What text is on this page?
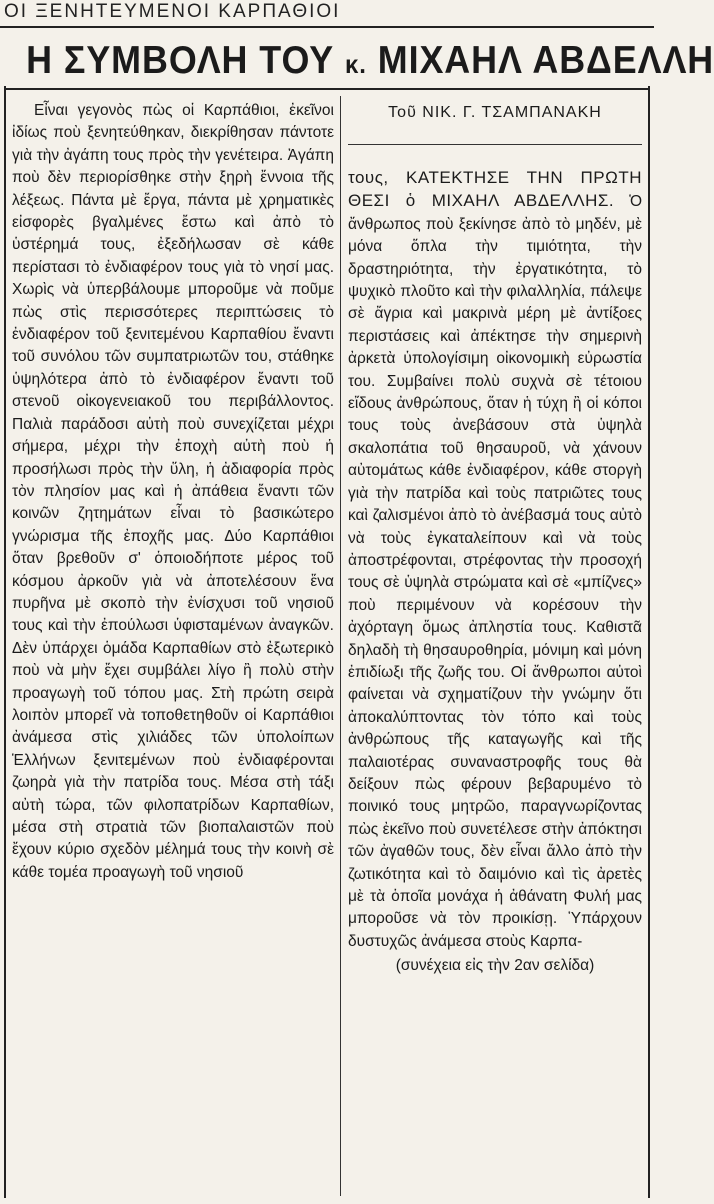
ΟΙ ΞΕΝΗΤΕΥΜΕΝΟΙ ΚΑΡΠΑΘΙΟΙ
Η ΣΥΜΒΟΛΗ ΤΟΥ κ. ΜΙΧΑΗΛ ΑΒΔΕΛΛΗ

Εἶναι γεγονὸς πὼς οἱ Καρπάθιοι, ἐκεῖνοι ἰδίως ποὺ ξενητεύθηκαν, διεκρίθησαν πάντοτε γιὰ τὴν ἀγάπη τους πρὸς τὴν γενέτειρα. Ἀγάπη ποὺ δὲν περιορίσθηκε στὴν ξηρὴ ἔννοια τῆς λέξεως. Πάντα μὲ ἔργα, πάντα μὲ χρηματικὲς εἰσφορὲς βγαλμένες ἔστω καὶ ἀπὸ τὸ ὑστέρημά τους, ἐξεδήλωσαν σὲ κάθε περίστασι τὸ ἐνδιαφέρον τους γιὰ τὸ νησί μας. Χωρὶς νὰ ὑπερβάλουμε μποροῦμε νὰ ποῦμε πὼς στὶς περισσότερες περιπτώσεις τὸ ἐνδιαφέρον τοῦ ξενιτεμένου Καρπαθίου ἔναντι τοῦ συνόλου τῶν συμπατριωτῶν του, στάθηκε ὑψηλότερα ἀπὸ τὸ ἐνδιαφέρον ἔναντι τοῦ στενοῦ οἰκογενειακοῦ του περιβάλλοντος. Παλιὰ παράδοσι αὐτὴ ποὺ συνεχίζεται μέχρι σήμερα, μέχρι τὴν ἐποχὴ αὐτὴ ποὺ ἡ προσήλωσι πρὸς τὴν ὕλη, ἡ ἀδιαφορία πρὸς τὸν πλησίον μας καὶ ἡ ἀπάθεια ἔναντι τῶν κοινῶν ζητημάτων εἶναι τὸ βασικώτερο γνώρισμα τῆς ἐποχῆς μας. Δύο Καρπάθιοι ὅταν βρεθοῦν σ' ὁποιοδήποτε μέρος τοῦ κόσμου ἀρκοῦν γιὰ νὰ ἀποτελέσουν ἕνα πυρῆνα μὲ σκοπὸ τὴν ἐνίσχυσι τοῦ νησιοῦ τους καὶ τὴν ἐπούλωσι ὑφισταμένων ἀναγκῶν. Δὲν ὑπάρχει ὁμάδα Καρπαθίων στὸ ἐξωτερικὸ ποὺ νὰ μὴν ἔχει συμβάλει λίγο ἢ πολὺ στὴν προαγωγὴ τοῦ τόπου μας. Στὴ πρώτη σειρὰ λοιπὸν μπορεῖ νὰ τοποθετηθοῦν οἱ Καρπάθιοι ἀνάμεσα στὶς χιλιάδες τῶν ὑπολοίπων Ἑλλήνων ξενιτεμένων ποὺ ἐνδιαφέρονται ζωηρὰ γιὰ τὴν πατρίδα τους. Μέσα στὴ τάξι αὐτὴ τώρα, τῶν φιλοπατρίδων Καρπαθίων, μέσα στὴ στρατιὰ τῶν βιοπαλαιστῶν ποὺ ἔχουν κύριο σχεδὸν μέλημά τους τὴν κοινὴ σὲ κάθε τομέα προαγωγὴ τοῦ νησιοῦ

Τοῦ ΝΙΚ. Γ. ΤΣΑΜΠΑΝΑΚΗ
τους, ΚΑΤΕΚΤΗΣΕ ΤΗΝ ΠΡΩΤΗ ΘΕΣΙ ὁ ΜΙΧΑΗΛ ΑΒΔΕΛΛΗΣ. Ὁ ἄνθρωπος ποὺ ξεκίνησε ἀπὸ τὸ μηδέν, μὲ μόνα ὅπλα τὴν τιμιότητα, τὴν δραστηριότητα, τὴν ἐργατικότητα, τὸ ψυχικὸ πλοῦτο καὶ τὴν φιλαλληλία, πάλεψε σὲ ἄγρια καὶ μακρινὰ μέρη μὲ ἀντίξοες περιστάσεις καὶ ἀπέκτησε τὴν σημερινὴ ἀρκετὰ ὑπολογίσιμη οἰκονομικὴ εὐρωστία του. Συμβαίνει πολὺ συχνὰ σὲ τέτοιου εἴδους ἀνθρώπους, ὅταν ἡ τύχη ἢ οἱ κόποι τους τοὺς ἀνεβάσουν στὰ ὑψηλὰ σκαλοπάτια τοῦ θησαυροῦ, νὰ χάνουν αὐτομάτως κάθε ἐνδιαφέρον, κάθε στοργὴ γιὰ τὴν πατρίδα καὶ τοὺς πατριῶτες τους καὶ ζαλισμένοι ἀπὸ τὸ ἀνέβασμά τους αὐτὸ νὰ τοὺς ἐγκαταλείπουν καὶ νὰ τοὺς ἀποστρέφονται, στρέφοντας τὴν προσοχή τους σὲ ὑψηλὰ στρώματα καὶ σὲ «μπίζνες» ποὺ περιμένουν νὰ κορέσουν τὴν ἀχόρταγη ὅμως ἀπληστία τους. Καθιστᾶ δηλαδὴ τὴ θησαυροθηρία, μόνιμη καὶ μόνη ἐπιδίωξι τῆς ζωῆς του. Οἱ ἄνθρωποι αὐτοὶ φαίνεται νὰ σχηματίζουν τὴν γνώμην ὅτι ἀποκαλύπτοντας τὸν τόπο καὶ τοὺς ἀνθρώπους τῆς καταγωγῆς καὶ τῆς παλαιοτέρας συναναστροφῆς τους θὰ δείξουν πὼς φέρουν βεβαρυμένο τὸ ποινικό τους μητρῶο, παραγνωρίζοντας πὼς ἐκεῖνο ποὺ συνετέλεσε στὴν ἀπόκτησι τῶν ἀγαθῶν τους, δὲν εἶναι ἄλλο ἀπὸ τὴν ζωτικότητα καὶ τὸ δαιμόνιο καὶ τὶς ἀρετὲς μὲ τὰ ὁποῖα μονάχα ἡ ἀθάνατη Φυλή μας μποροῦσε νὰ τὸν προικίσῃ. Ὑπάρχουν δυστυχῶς ἀνάμεσα στοὺς Καρπα-
(συνέχεια εἰς τὴν 2αν σελίδα)
